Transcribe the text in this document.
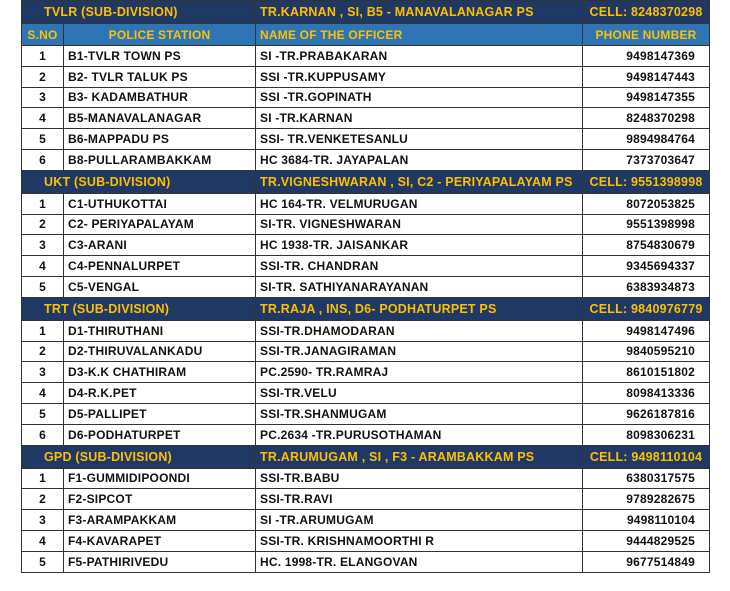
TVLR (SUB-DIVISION)		TR.KARNAN , SI, B5 - MANAVALANAGAR PS	CELL: 8248370298
S.NO	POLICE STATION	NAME OF THE OFFICER	PHONE NUMBER
1	B1-TVLR TOWN PS	SI -TR.PRABAKARAN	9498147369
2	B2- TVLR TALUK PS	SSI -TR.KUPPUSAMY	9498147443
3	B3- KADAMBATHUR	SSI -TR.GOPINATH	9498147355
4	B5-MANAVALANAGAR	SI -TR.KARNAN	8248370298
5	B6-MAPPADU PS	SSI- TR.VENKETESANLU	9894984764
6	B8-PULLARAMBAKKAM	HC 3684-TR. JAYAPALAN	7373703647
UKT (SUB-DIVISION)		TR.VIGNESHWARAN , SI, C2 - PERIYAPALAYAM PS	CELL: 9551398998
1	C1-UTHUKOTTAI	HC 164-TR. VELMURUGAN	8072053825
2	C2- PERIYAPALAYAM	SI-TR. VIGNESHWARAN	9551398998
3	C3-ARANI	HC 1938-TR. JAISANKAR	8754830679
4	C4-PENNALURPET	SSI-TR. CHANDRAN	9345694337
5	C5-VENGAL	SI-TR. SATHIYANARAYANAN	6383934873
TRT (SUB-DIVISION)		TR.RAJA , INS, D6- PODHATURPET PS	CELL: 9840976779
1	D1-THIRUTHANI	SSI-TR.DHAMODARAN	9498147496
2	D2-THIRUVALANKADU	SSI-TR.JANAGIRAMAN	9840595210
3	D3-K.K CHATHIRAM	PC.2590- TR.RAMRAJ	8610151802
4	D4-R.K.PET	SSI-TR.VELU	8098413336
5	D5-PALLIPET	SSI-TR.SHANMUGAM	9626187816
6	D6-PODHATURPET	PC.2634 -TR.PURUSOTHAMAN	8098306231
GPD (SUB-DIVISION)		TR.ARUMUGAM , SI , F3 - ARAMBAKKAM PS	CELL: 9498110104
1	F1-GUMMIDIPOONDI	SSI-TR.BABU	6380317575
2	F2-SIPCOT	SSI-TR.RAVI	9789282675
3	F3-ARAMPAKKAM	SI -TR.ARUMUGAM	9498110104
4	F4-KAVARAPET	SSI-TR. KRISHNAMOORTHI R	9444829525
5	F5-PATHIRIVEDU	HC. 1998-TR. ELANGOVAN	9677514849
